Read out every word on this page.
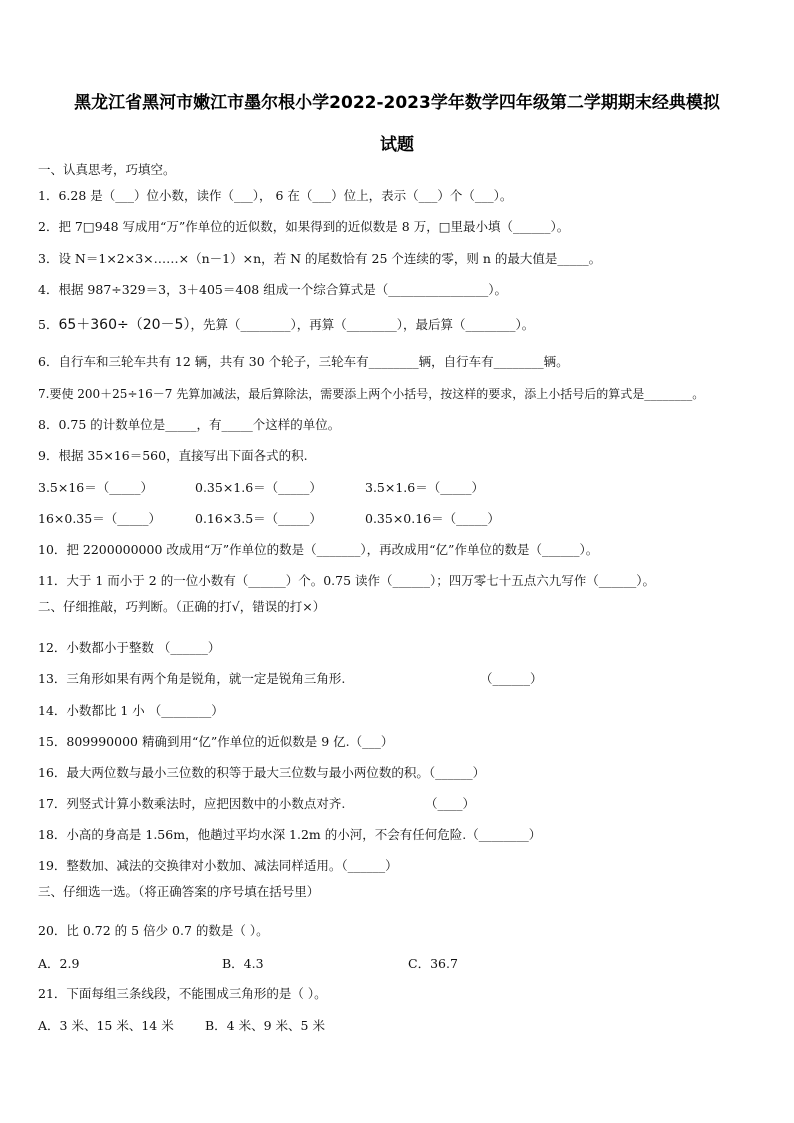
黑龙江省黑河市嫩江市墨尔根小学2022-2023学年数学四年级第二学期期末经典模拟
试题
一、认真思考，巧填空。
1．6.28 是（___）位小数，读作（___）， 6 在（___）位上，表示（___）个（___）。
2．把 7□948 写成用“万”作单位的近似数，如果得到的近似数是 8 万，□里最小填（______）。
3．设 N＝1×2×3×……×（n－1）×n，若 N 的尾数恰有 25 个连续的零，则 n 的最大值是_____。
4．根据 987÷329＝3，3＋405＝408 组成一个综合算式是（________________）。
5．65＋360÷（20－5），先算（________），再算（________），最后算（________）。
6．自行车和三轮车共有 12 辆，共有 30 个轮子，三轮车有________辆，自行车有________辆。
7.要使 200＋25÷16－7 先算加减法，最后算除法，需要添上两个小括号，按这样的要求，添上小括号后的算式是________。
8．0.75 的计数单位是_____，有_____个这样的单位。
9．根据 35×16＝560，直接写出下面各式的积.
3.5×16＝（_____）	0.35×1.6＝（_____）	3.5×1.6＝（_____）
16×0.35＝（_____）	0.16×3.5＝（_____）	0.35×0.16＝（_____）
10．把 2200000000 改成用“万”作单位的数是（_______），再改成用“亿”作单位的数是（______）。
11．大于 1 而小于 2 的一位小数有（______）个。0.75 读作（______）；四万零七十五点六九写作（______）。
二、仔细推敲，巧判断。（正确的打√，错误的打×）
12．小数都小于整数 （______）
13．三角形如果有两个角是锐角，就一定是锐角三角形.	（______）
14．小数都比 1 小 （________）
15．809990000 精确到用“亿”作单位的近似数是 9 亿.（___）
16．最大两位数与最小三位数的积等于最大三位数与最小两位数的积。（______）
17．列竖式计算小数乘法时，应把因数中的小数点对齐.	（____）
18．小高的身高是 1.56m，他趟过平均水深 1.2m 的小河，不会有任何危险.（________）
19．整数加、减法的交换律对小数加、减法同样适用。（______）
三、仔细选一选。（将正确答案的序号填在括号里）
20．比 0.72 的 5 倍少 0.7 的数是（ ）。
A．2.9	B．4.3	C．36.7
21．下面每组三条线段，不能围成三角形的是（ ）。
A．3 米、15 米、14 米	B．4 米、9 米、5 米
